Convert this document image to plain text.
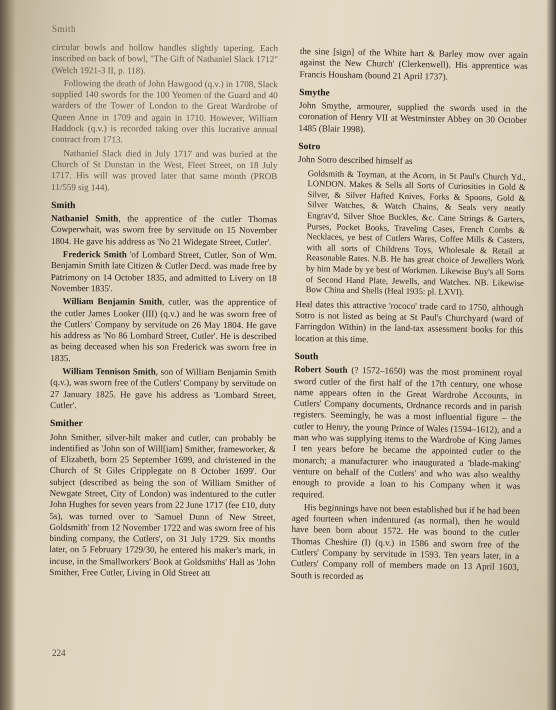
Smith

circular bowls and hollow handles slightly tapering. Each inscribed on back of bowl, "The Gift of Nathaniel Slack 1712" (Welch 1921-3 II, p. 118).

Following the death of John Hawgood (q.v.) in 1708, Slack supplied 140 swords for the 100 Yeomen of the Guard and 40 warders of the Tower of London to the Great Wardrobe of Queen Anne in 1709 and again in 1710. However, William Haddock (q.v.) is recorded taking over this lucrative annual contract from 1713.

Nathaniel Slack died in July 1717 and was buried at the Church of St Dunstan in the West, Fleet Street, on 18 July 1717. His will was proved later that same month (PROB 11/559 sig 144).

Smith

Nathaniel Smith, the apprentice of the cutler Thomas Cowperwhait, was sworn free by servitude on 15 November 1804. He gave his address as 'No 21 Widegate Street, Cutler'.

Frederick Smith 'of Lombard Street, Cutler, Son of Wm. Benjamin Smith late Citizen & Cutler Decd. was made free by Patrimony on 14 October 1835, and admitted to Livery on 18 November 1835'.

William Benjamin Smith, cutler, was the apprentice of the cutler James Looker (III) (q.v.) and he was sworn free of the Cutlers' Company by servitude on 26 May 1804. He gave his address as 'No 86 Lombard Street, Cutler'. He is described as being deceased when his son Frederick was sworn free in 1835.

William Tennison Smith, son of William Benjamin Smith (q.v.), was sworn free of the Cutlers' Company by servitude on 27 January 1825. He gave his address as 'Lombard Street, Cutler'.

Smither

John Smither, silver-hilt maker and cutler, can probably be indentified as 'John son of Will[iam] Smither, frameworker, & of Elizabeth, born 25 September 1699, and christened in the Church of St Giles Cripplegate on 8 October 1699'. Our subject (described as being the son of William Smither of Newgate Street, City of London) was indentured to the cutler John Hughes for seven years from 22 June 1717 (fee £10, duty 5s), was turned over to 'Samuel Dunn of New Street, Goldsmith' from 12 November 1722 and was sworn free of his binding company, the Cutlers', on 31 July 1729. Six months later, on 5 February 1729/30, he entered his maker's mark, in incuse, in the Smallworkers' Book at Goldsmiths' Hall as 'John Smither, Free Cutler, Living in Old Street att

the sine [sign] of the White hart & Barley mow over again against the New Church' (Clerkenwell). His apprentice was Francis Housham (bound 21 April 1737).

Smythe

John Smythe, armourer, supplied the swords used in the coronation of Henry VII at Westminster Abbey on 30 October 1485 (Blair 1998).

Sotro

John Sotro described himself as

Goldsmith & Toyman, at the Acorn, in St Paul's Church Yd., LONDON. Makes & Sells all Sorts of Curiosities in Gold & Silver, & Silver Hafted Knives, Forks & Spoons, Gold & Silver Watches, & Watch Chains, & Seals very neatly Engrav'd, Silver Shoe Buckles, &c. Cane Strings & Garters, Purses, Pocket Books, Traveling Cases, French Combs & Necklaces, ye best of Cutlers Wares, Coffee Mills & Casters, with all sorts of Childrens Toys, Wholesale & Retail at Reasonable Rates. N.B. He has great choice of Jewellers Work by him Made by ye best of Workmen. Likewise Buy's all Sorts of Second Hand Plate, Jewells, and Watches. NB. Likewise Bow China and Shells (Heal 1935: pl. LXVI).

Heal dates this attractive 'rococo' trade card to 1750, although Sotro is not listed as being at St Paul's Churchyard (ward of Farringdon Within) in the land-tax assessment books for this location at this time.

South

Robert South (? 1572–1650) was the most prominent royal sword cutler of the first half of the 17th century, one whose name appears often in the Great Wardrobe Accounts, in Cutlers' Company documents, Ordnance records and in parish registers. Seemingly, he was a most influential figure – the cutler to Henry, the young Prince of Wales (1594–1612), and a man who was supplying items to the Wardrobe of King James I ten years before he became the appointed cutler to the monarch; a manufacturer who inaugurated a 'blade-making' venture on behalf of the Cutlers' and who was also wealthy enough to provide a loan to his Company when it was required.

His beginnings have not been established but if he had been aged fourteen when indentured (as normal), then he would have been born about 1572. He was bound to the cutler Thomas Cheshire (I) (q.v.) in 1586 and sworn free of the Cutlers' Company by servitude in 1593. Ten years later, in a Cutlers' Company roll of members made on 13 April 1603, South is recorded as

224
